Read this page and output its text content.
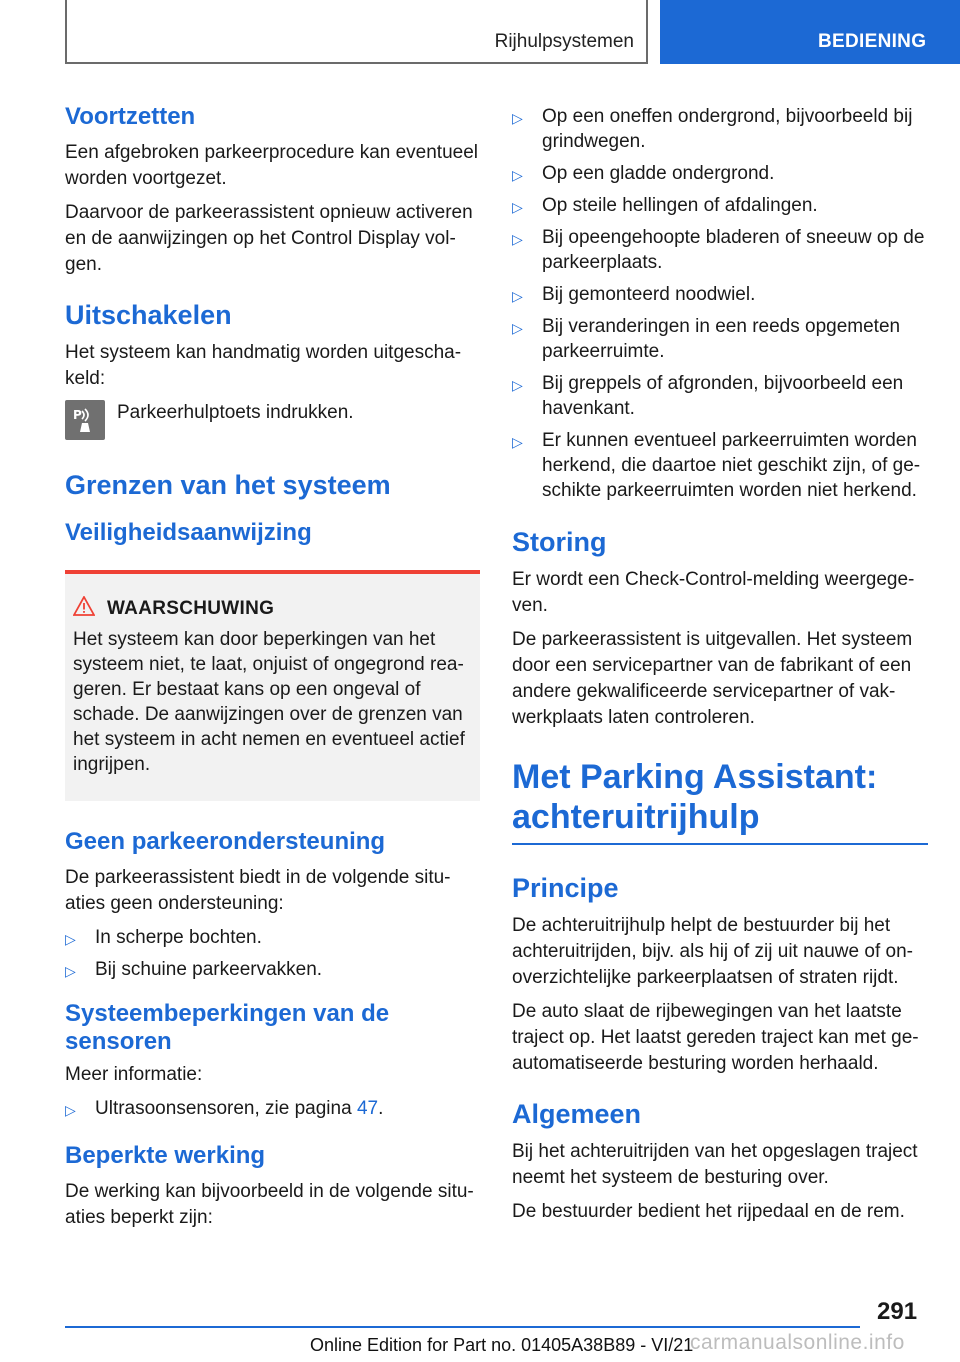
Rijhulpsystemen	BEDIENING
Voortzetten

Een afgebroken parkeerprocedure kan eventueel worden voortgezet.

Daarvoor de parkeerassistent opnieuw activeren en de aanwijzingen op het Control Display vol-gen.

Uitschakelen

Het systeem kan handmatig worden uitgescha-keld:

P Parkeerhulptoets indrukken.

Grenzen van het systeem
Veiligheidsaanwijzing
WAARSCHUWING

Het systeem kan door beperkingen van het systeem niet, te laat, onjuist of ongegrond rea-geren. Er bestaat kans op een ongeval of schade. De aanwijzingen over de grenzen van het systeem in acht nemen en eventueel actief ingrijpen.

Geen parkeerondersteuning

De parkeerassistent biedt in de volgende situ-aties geen ondersteuning:

▷ In scherpe bochten.
▷ Bij schuine parkeervakken.
Systeembeperkingen van de sensoren

Meer informatie:

▷ Ultrasoonsensoren, zie pagina 47.
Beperkte werking

De werking kan bijvoorbeeld in de volgende situ-aties beperkt zijn:

▷ Op een oneffen ondergrond, bijvoorbeeld bij grindwegen.
▷ Op een gladde ondergrond.
▷ Op steile hellingen of afdalingen.
▷ Bij opeengehoopte bladeren of sneeuw op de parkeerplaats.
▷ Bij gemonteerd noodwiel.
▷ Bij veranderingen in een reeds opgemeten parkeerruimte.
▷ Bij greppels of afgronden, bijvoorbeeld een havenkant.
▷ Er kunnen eventueel parkeerruimten worden herkend, die daartoe niet geschikt zijn, of ge-schikte parkeerruimten worden niet herkend.
Storing

Er wordt een Check-Control-melding weergege-ven.

De parkeerassistent is uitgevallen. Het systeem door een servicepartner van de fabrikant of een andere gekwalificeerde servicepartner of vak-werkplaats laten controleren.

Met Parking Assistant: achteruitrijhulp
Principe

De achteruitrijhulp helpt de bestuurder bij het achteruitrijden, bijv. als hij of zij uit nauwe of on-overzichtelijke parkeerplaatsen of straten rijdt.

De auto slaat de rijbewegingen van het laatste traject op. Het laatst gereden traject kan met ge-automatiseerde besturing worden herhaald.

Algemeen

Bij het achteruitrijden van het opgeslagen traject neemt het systeem de besturing over.

De bestuurder bedient het rijpedaal en de rem.

291
Online Edition for Part no. 01405A38B89 - VI/21
carmanualsonline.info
